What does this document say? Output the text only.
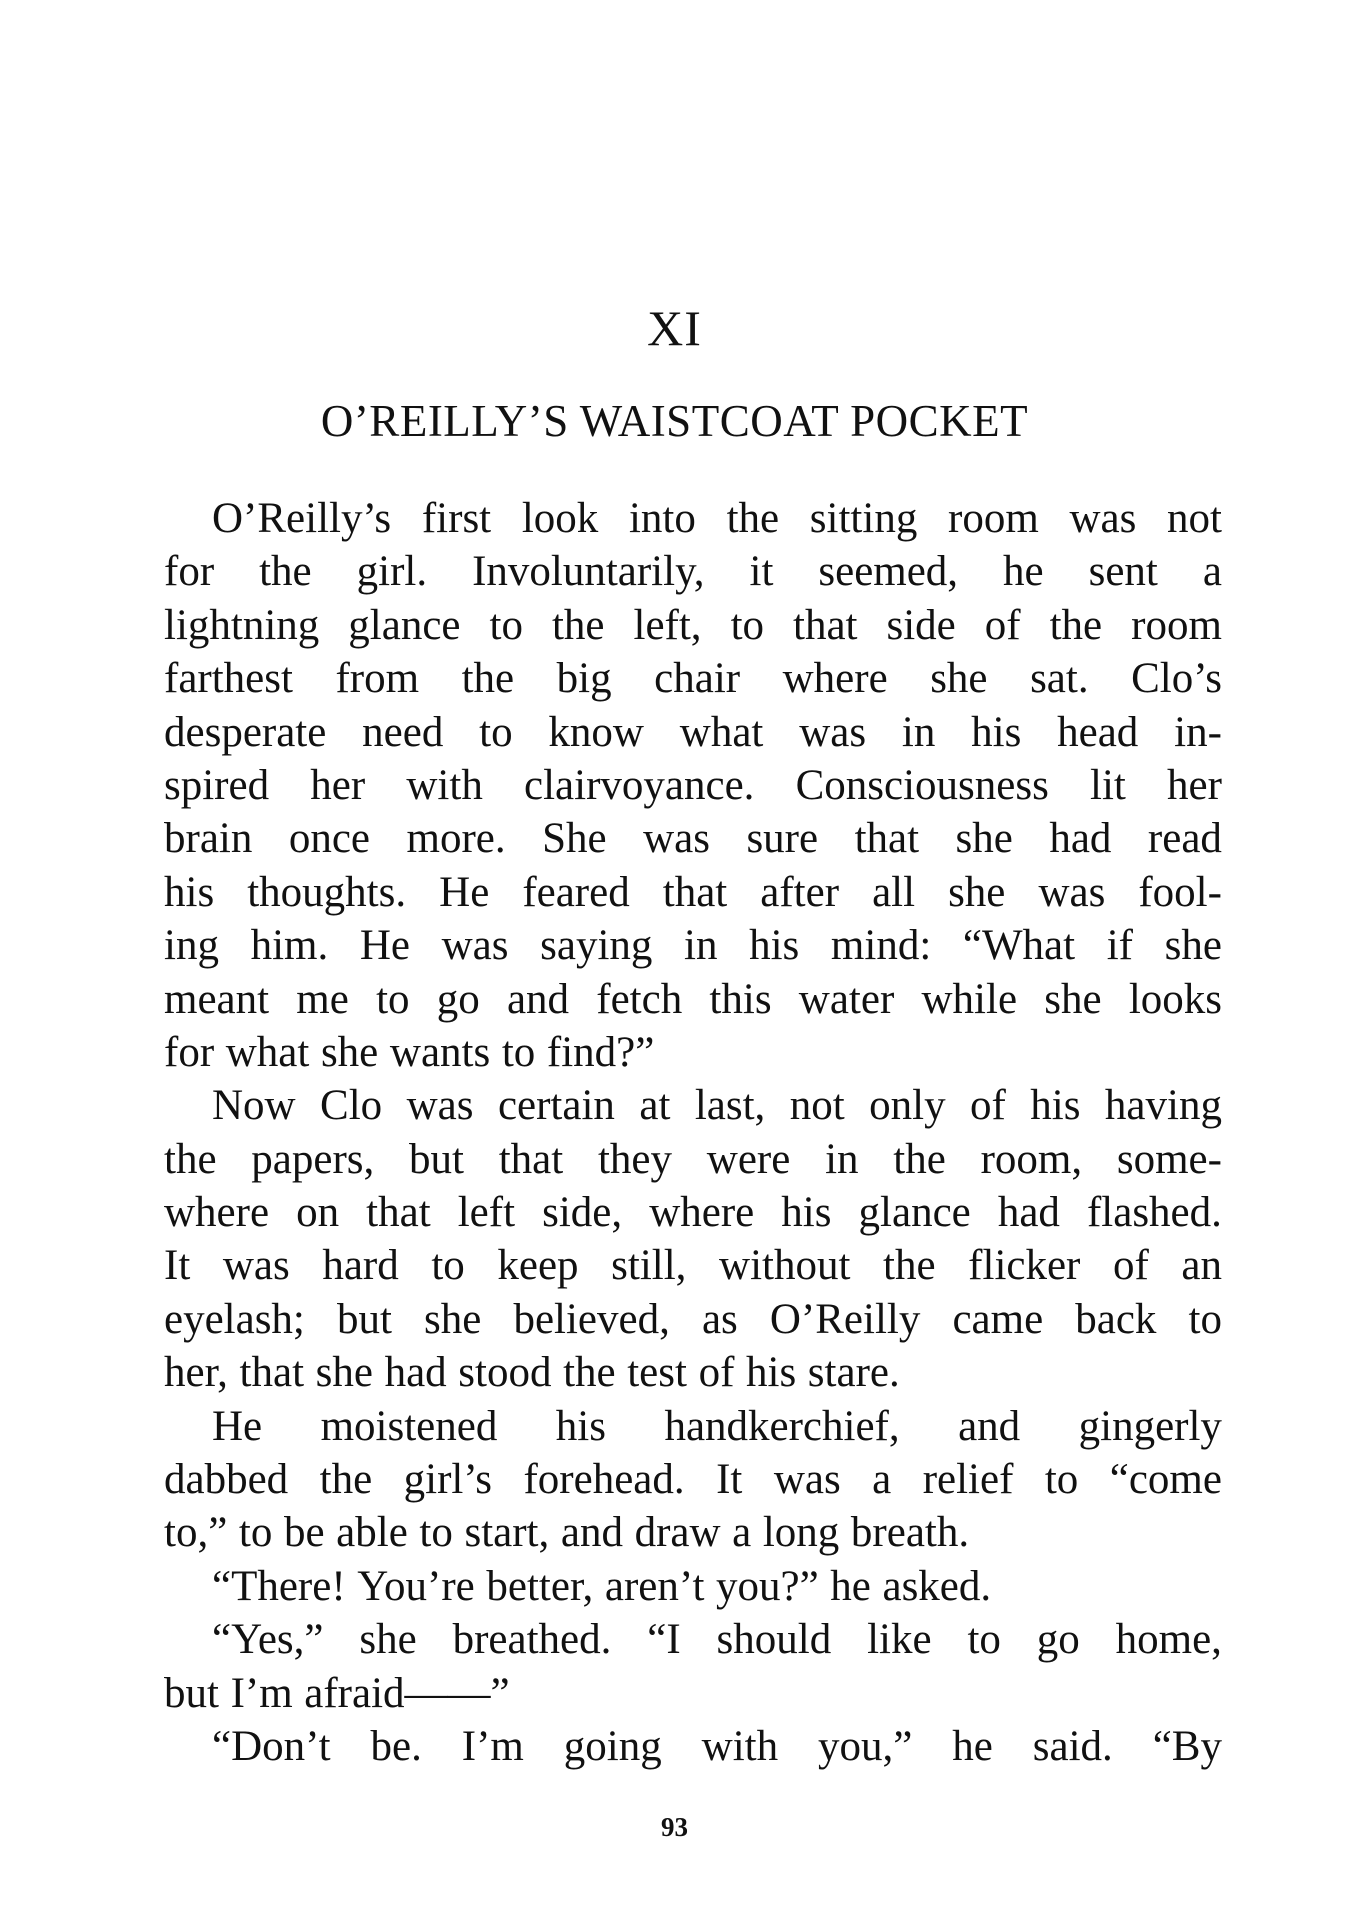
XI
O’REILLY’S WAISTCOAT POCKET
O’Reilly’s first look into the sitting room was not
for the girl. Involuntarily, it seemed, he sent a
lightning glance to the left, to that side of the room
farthest from the big chair where she sat. Clo’s
desperate need to know what was in his head in-
spired her with clairvoyance. Consciousness lit her
brain once more. She was sure that she had read
his thoughts. He feared that after all she was fool-
ing him. He was saying in his mind: “What if she
meant me to go and fetch this water while she looks
for what she wants to find?”
Now Clo was certain at last, not only of his having
the papers, but that they were in the room, some-
where on that left side, where his glance had flashed.
It was hard to keep still, without the flicker of an
eyelash; but she believed, as O’Reilly came back to
her, that she had stood the test of his stare.
He moistened his handkerchief, and gingerly
dabbed the girl’s forehead. It was a relief to “come
to,” to be able to start, and draw a long breath.
“There! You’re better, aren’t you?” he asked.
“Yes,” she breathed. “I should like to go home,
but I’m afraid——”
“Don’t be. I’m going with you,” he said. “By
93
